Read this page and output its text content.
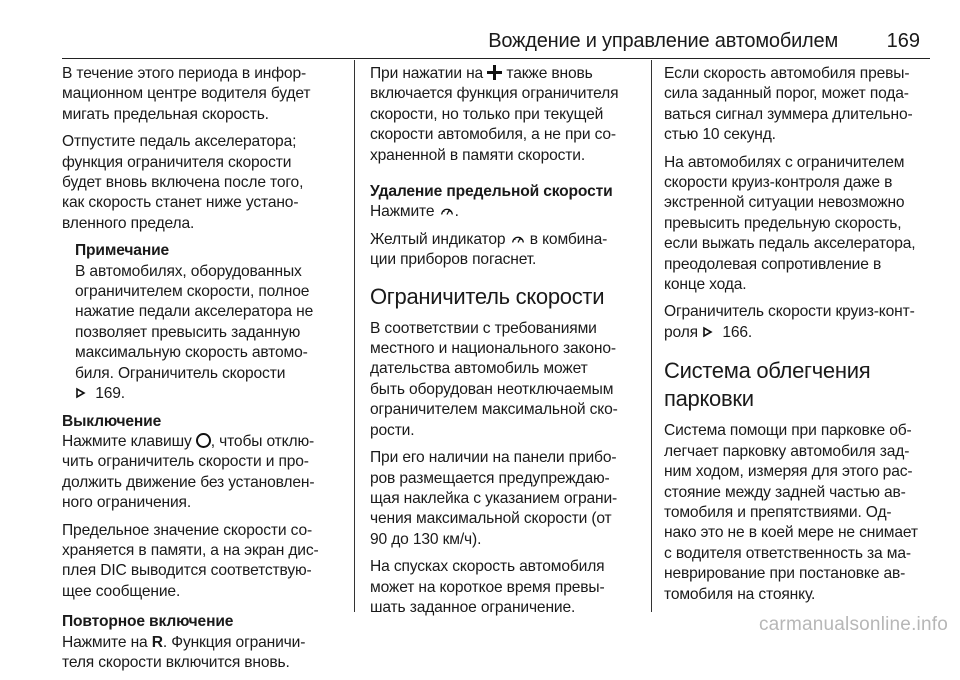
Вождение и управление автомобилем 169

В течение этого периода в инфор-
мационном центре водителя будет
мигать предельная скорость.

Отпустите педаль акселератора;
функция ограничителя скорости
будет вновь включена после того,
как скорость станет ниже устано-
вленного предела.

Примечание
В автомобилях, оборудованных
ограничителем скорости, полное
нажатие педали акселератора не
позволяет превысить заданную
максимальную скорость автомо-
биля. Ограничитель скорости
169.
Выключение

Нажмите клавишу , чтобы отклю-
чить ограничитель скорости и про-
должить движение без установлен-
ного ограничения.

Предельное значение скорости со-
храняется в памяти, а на экран дис-
плея DIC выводится соответствую-
щее сообщение.

Повторное включение

Нажмите на R. Функция ограничи-
теля скорости включится вновь.

При нажатии на  также вновь
включается функция ограничителя
скорости, но только при текущей
скорости автомобиля, а не при со-
храненной в памяти скорости.

Удаление предельной скорости

Нажмите .

Желтый индикатор  в комбина-
ции приборов погаснет.

Ограничитель скорости

В соответствии с требованиями
местного и национального законо-
дательства автомобиль может
быть оборудован неотключаемым
ограничителем максимальной ско-
рости.

При его наличии на панели прибо-
ров размещается предупреждаю-
щая наклейка с указанием ограни-
чения максимальной скорости (от
90 до 130 км/ч).

На спусках скорость автомобиля
может на короткое время превы-
шать заданное ограничение.

Если скорость автомобиля превы-
сила заданный порог, может пода-
ваться сигнал зуммера длительно-
стью 10 секунд.

На автомобилях с ограничителем
скорости круиз-контроля даже в
экстренной ситуации невозможно
превысить предельную скорость,
если выжать педаль акселератора,
преодолевая сопротивление в
конце хода.

Ограничитель скорости круиз-конт-
роля  166.

Система облегчения
парковки

Система помощи при парковке об-
легчает парковку автомобиля зад-
ним ходом, измеряя для этого рас-
стояние между задней частью ав-
томобиля и препятствиями. Од-
нако это не в коей мере не снимает
с водителя ответственность за ма-
неврирование при постановке ав-
томобиля на стоянку.

carmanualsonline.info
